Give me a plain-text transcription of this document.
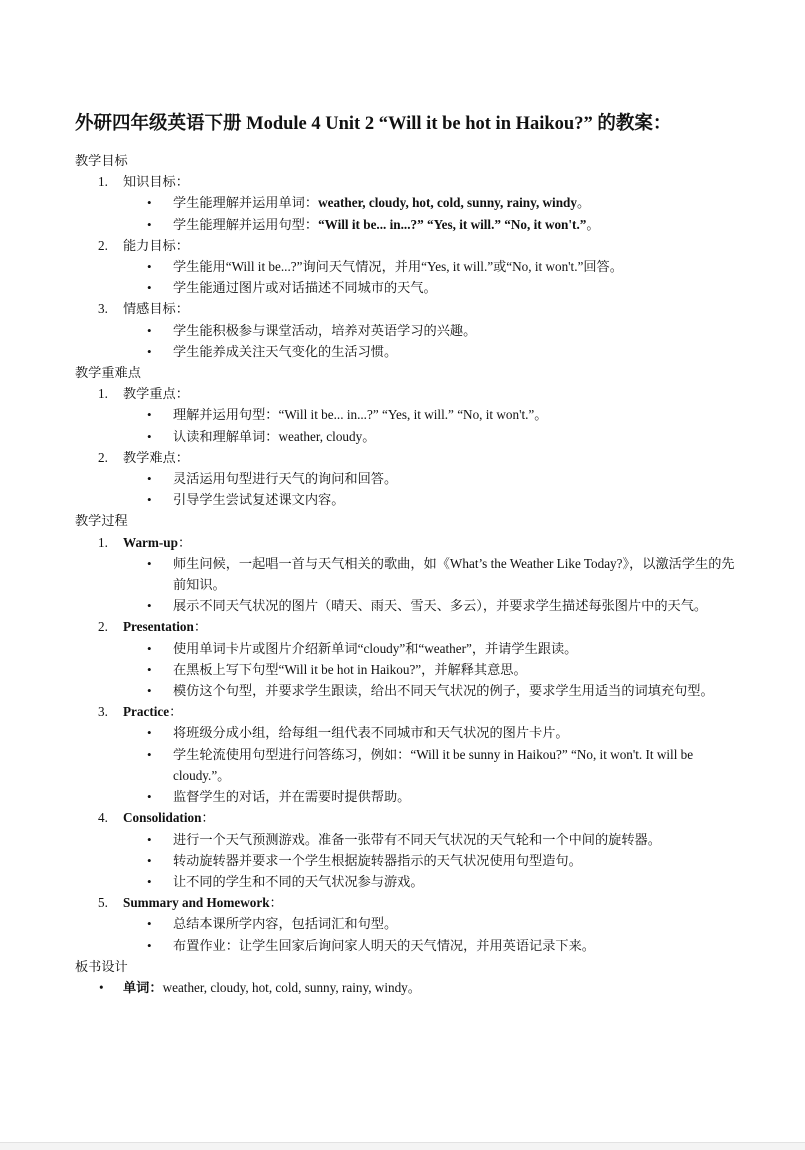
外研四年级英语下册 Module 4 Unit 2 “Will it be hot in Haikou?” 的教案：
教学目标
1. 知识目标：
• 学生能理解并运用单词：weather, cloudy, hot, cold, sunny, rainy, windy。
• 学生能理解并运用句型：“Will it be... in...?” “Yes, it will.” “No, it won't.”。
2. 能力目标：
• 学生能用“Will it be...?”询问天气情况，并用“Yes, it will.”或“No, it won't.”回答。
• 学生能通过图片或对话描述不同城市的天气。
3. 情感目标：
• 学生能积极参与课堂活动，培养对英语学习的兴趣。
• 学生能养成关注天气变化的生活习惯。
教学重难点
1. 教学重点：
• 理解并运用句型：“Will it be... in...?” “Yes, it will.” “No, it won't.”。
• 认读和理解单词：weather, cloudy。
2. 教学难点：
• 灵活运用句型进行天气的询问和回答。
• 引导学生尝试复述课文内容。
教学过程
1. Warm-up：
• 师生问候，一起唱一首与天气相关的歌曲，如《What’s the Weather Like Today?》，以激活学生的先前知识。
• 展示不同天气状况的图片（晴天、雨天、雪天、多云），并要求学生描述每张图片中的天气。
2. Presentation：
• 使用单词卡片或图片介绍新单词“cloudy”和“weather”，并请学生跟读。
• 在黑板上写下句型“Will it be hot in Haikou?”，并解释其意思。
• 模仿这个句型，并要求学生跟读，给出不同天气状况的例子，要求学生用适当的词填充句型。
3. Practice：
• 将班级分成小组，给每组一组代表不同城市和天气状况的图片卡片。
• 学生轮流使用句型进行问答练习，例如：“Will it be sunny in Haikou?” “No, it won't. It will be cloudy.”。
• 监督学生的对话，并在需要时提供帮助。
4. Consolidation：
• 进行一个天气预测游戏。准备一张带有不同天气状况的天气轮和一个中间的旋转器。
• 转动旋转器并要求一个学生根据旋转器指示的天气状况使用句型造句。
• 让不同的学生和不同的天气状况参与游戏。
5. Summary and Homework：
• 总结本课所学内容，包括词汇和句型。
• 布置作业：让学生回家后询问家人明天的天气情况，并用英语记录下来。
板书设计
• 单词：weather, cloudy, hot, cold, sunny, rainy, windy。
